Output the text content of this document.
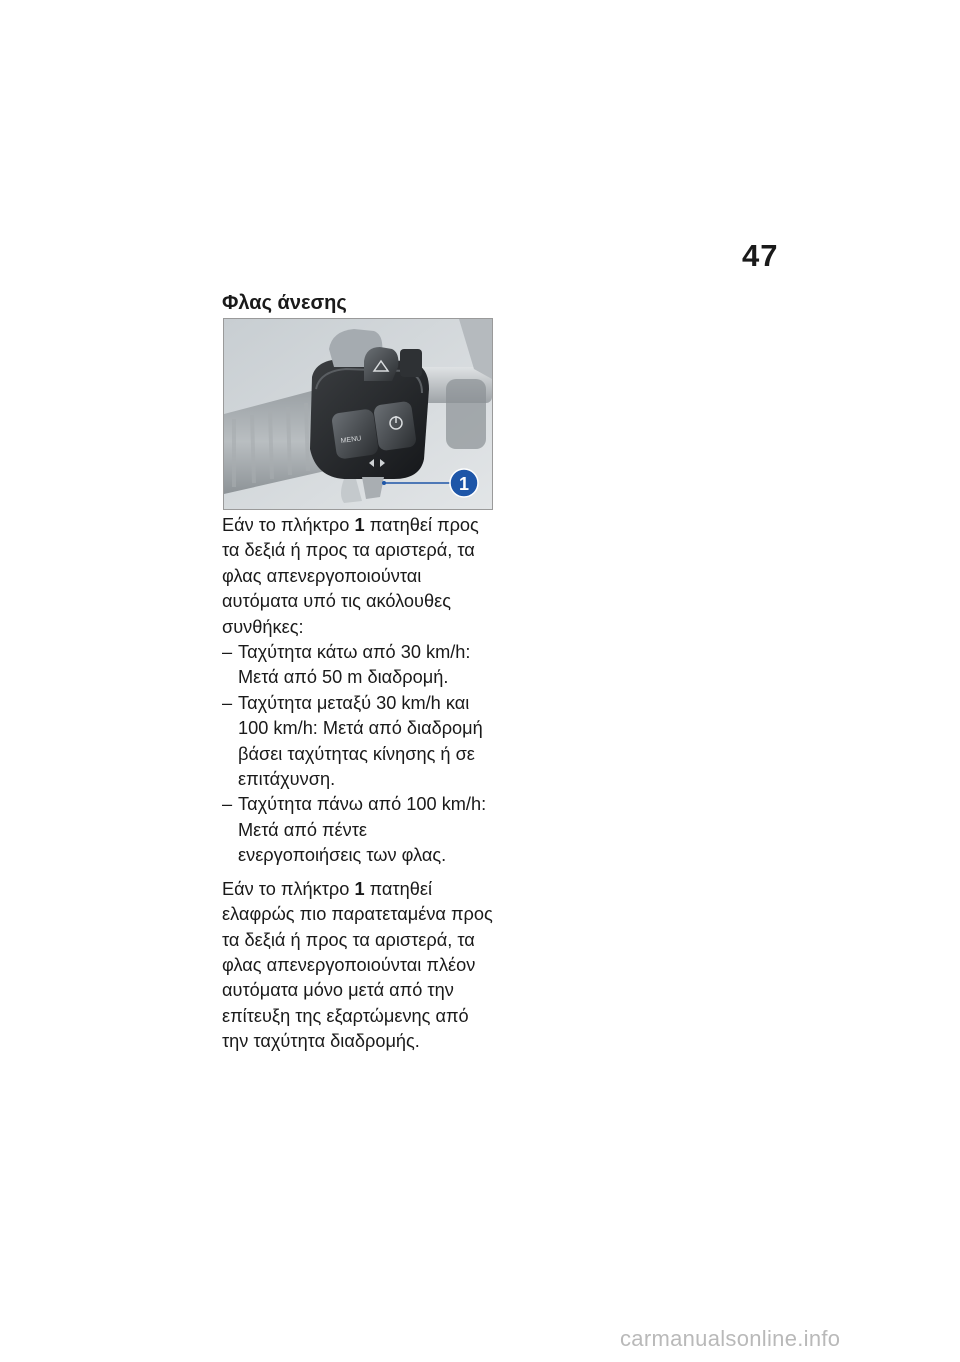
47
Φλας άνεσης
MENU
1

Εάν το πλήκτρο 1 πατηθεί προς τα δεξιά ή προς τα αριστερά, τα φλας απενεργοποιούνται αυτόματα υπό τις ακόλουθες συνθήκες:

– Ταχύτητα κάτω από 30 km/h: Μετά από 50 m διαδρομή.
– Ταχύτητα μεταξύ 30 km/h και 100 km/h: Μετά από διαδρομή βάσει ταχύτητας κίνησης ή σε επιτάχυνση.
– Ταχύτητα πάνω από 100 km/h: Μετά από πέντε ενεργοποιήσεις των φλας.

Εάν το πλήκτρο 1 πατηθεί ελαφρώς πιο παρατεταμένα προς τα δεξιά ή προς τα αριστερά, τα φλας απενεργοποιούνται πλέον αυτόματα μόνο μετά από την επίτευξη της εξαρτώμενης από την ταχύτητα διαδρομής.

carmanualsonline.info
